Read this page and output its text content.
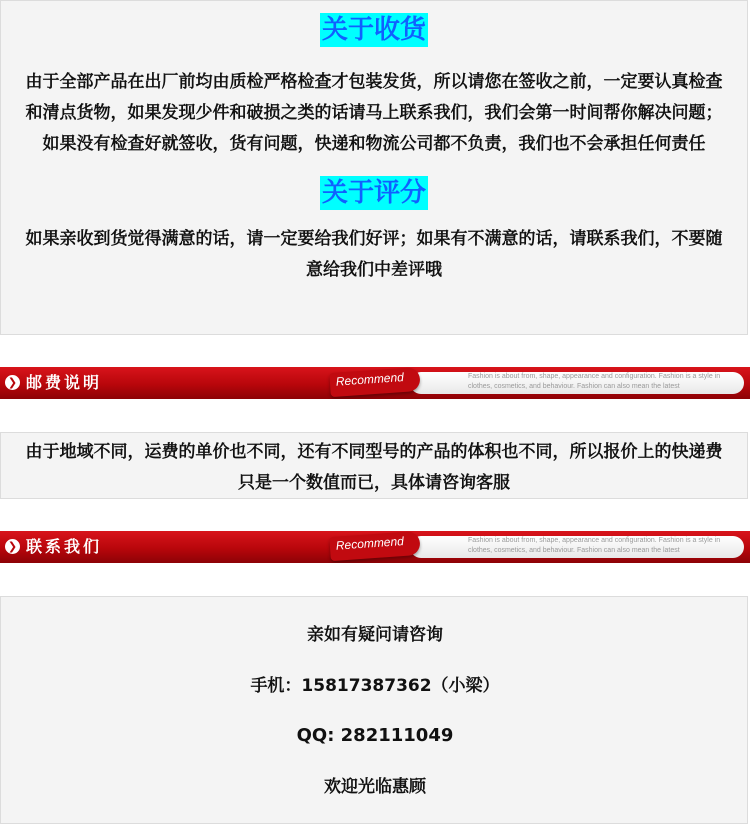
关于收货

由于全部产品在出厂前均由质检严格检查才包装发货，所以请您在签收之前，一定要认真检查

和清点货物，如果发现少件和破损之类的话请马上联系我们，我们会第一时间帮你解决问题；

如果没有检查好就签收，货有问题，快递和物流公司都不负责，我们也不会承担任何责任

关于评分

如果亲收到货觉得满意的话，请一定要给我们好评；如果有不满意的话，请联系我们，不要随

意给我们中差评哦

❯ 邮费说明	Recommend	Fashion is about from, shape, appearance and configuration. Fashion is a style in clothes, cosmetics, and behaviour. Fashion can also mean the latest

由于地域不同，运费的单价也不同，还有不同型号的产品的体积也不同，所以报价上的快递费

只是一个数值而已，具体请咨询客服

❯ 联系我们	Recommend	Fashion is about from, shape, appearance and configuration. Fashion is a style in clothes, cosmetics, and behaviour. Fashion can also mean the latest
亲如有疑问请咨询
手机：15817387362（小梁）
QQ: 282111049
欢迎光临惠顾
